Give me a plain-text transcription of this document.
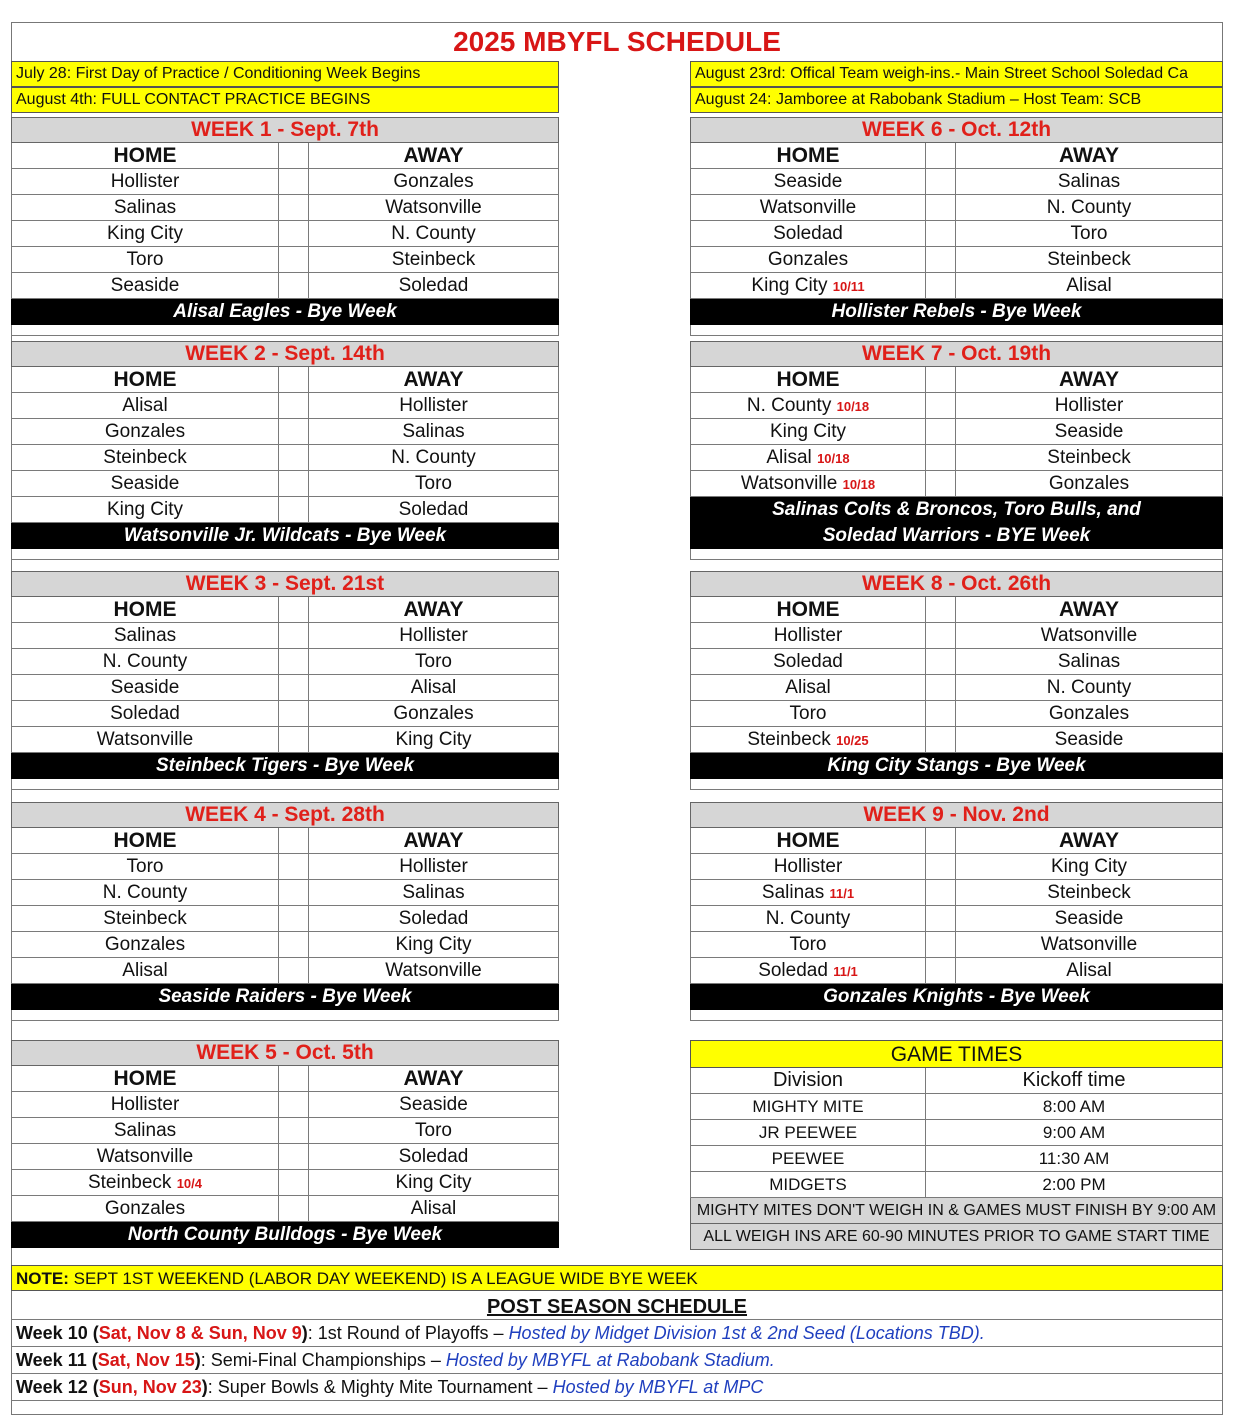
2025 MBYFL SCHEDULE
July 28: First Day of Practice / Conditioning Week Begins
August 4th: FULL CONTACT PRACTICE BEGINS
August 23rd: Offical Team weigh-ins.- Main Street School Soledad Ca
August 24: Jamboree at Rabobank Stadium – Host Team: SCB
WEEK 1 - Sept. 7th
HOME	AWAY
Hollister	Gonzales
Salinas	Watsonville
King City	N. County
Toro	Steinbeck
Seaside	Soledad
Alisal Eagles - Bye Week
WEEK 2 - Sept. 14th
HOME	AWAY
Alisal	Hollister
Gonzales	Salinas
Steinbeck	N. County
Seaside	Toro
King City	Soledad
Watsonville Jr. Wildcats - Bye Week
WEEK 3 - Sept. 21st
HOME	AWAY
Salinas	Hollister
N. County	Toro
Seaside	Alisal
Soledad	Gonzales
Watsonville	King City
Steinbeck Tigers - Bye Week
WEEK 4 - Sept. 28th
HOME	AWAY
Toro	Hollister
N. County	Salinas
Steinbeck	Soledad
Gonzales	King City
Alisal	Watsonville
Seaside Raiders - Bye Week
WEEK 5 - Oct. 5th
HOME	AWAY
Hollister	Seaside
Salinas	Toro
Watsonville	Soledad
Steinbeck 10/4	King City
Gonzales	Alisal
North County Bulldogs - Bye Week
WEEK 6 - Oct. 12th
HOME	AWAY
Seaside	Salinas
Watsonville	N. County
Soledad	Toro
Gonzales	Steinbeck
King City 10/11	Alisal
Hollister Rebels - Bye Week
WEEK 7 - Oct. 19th
HOME	AWAY
N. County 10/18	Hollister
King City	Seaside
Alisal 10/18	Steinbeck
Watsonville 10/18	Gonzales
Salinas Colts & Broncos, Toro Bulls, and
Soledad Warriors - BYE Week
WEEK 8 - Oct. 26th
HOME	AWAY
Hollister	Watsonville
Soledad	Salinas
Alisal	N. County
Toro	Gonzales
Steinbeck 10/25	Seaside
King City Stangs - Bye Week
WEEK 9 - Nov. 2nd
HOME	AWAY
Hollister	King City
Salinas 11/1	Steinbeck
N. County	Seaside
Toro	Watsonville
Soledad 11/1	Alisal
Gonzales Knights - Bye Week
GAME TIMES
Division	Kickoff time
MIGHTY MITE	8:00 AM
JR PEEWEE	9:00 AM
PEEWEE	11:30 AM
MIDGETS	2:00 PM
MIGHTY MITES DON'T WEIGH IN & GAMES MUST FINISH BY 9:00 AM
ALL WEIGH INS ARE 60-90 MINUTES PRIOR TO GAME START TIME
NOTE: SEPT 1ST WEEKEND (LABOR DAY WEEKEND) IS A LEAGUE WIDE BYE WEEK
POST SEASON SCHEDULE
Week 10 (Sat, Nov 8 & Sun, Nov 9): 1st Round of Playoffs – Hosted by Midget Division 1st & 2nd Seed (Locations TBD).
Week 11 (Sat, Nov 15): Semi-Final Championships – Hosted by MBYFL at Rabobank Stadium.
Week 12 (Sun, Nov 23): Super Bowls & Mighty Mite Tournament – Hosted by MBYFL at MPC
